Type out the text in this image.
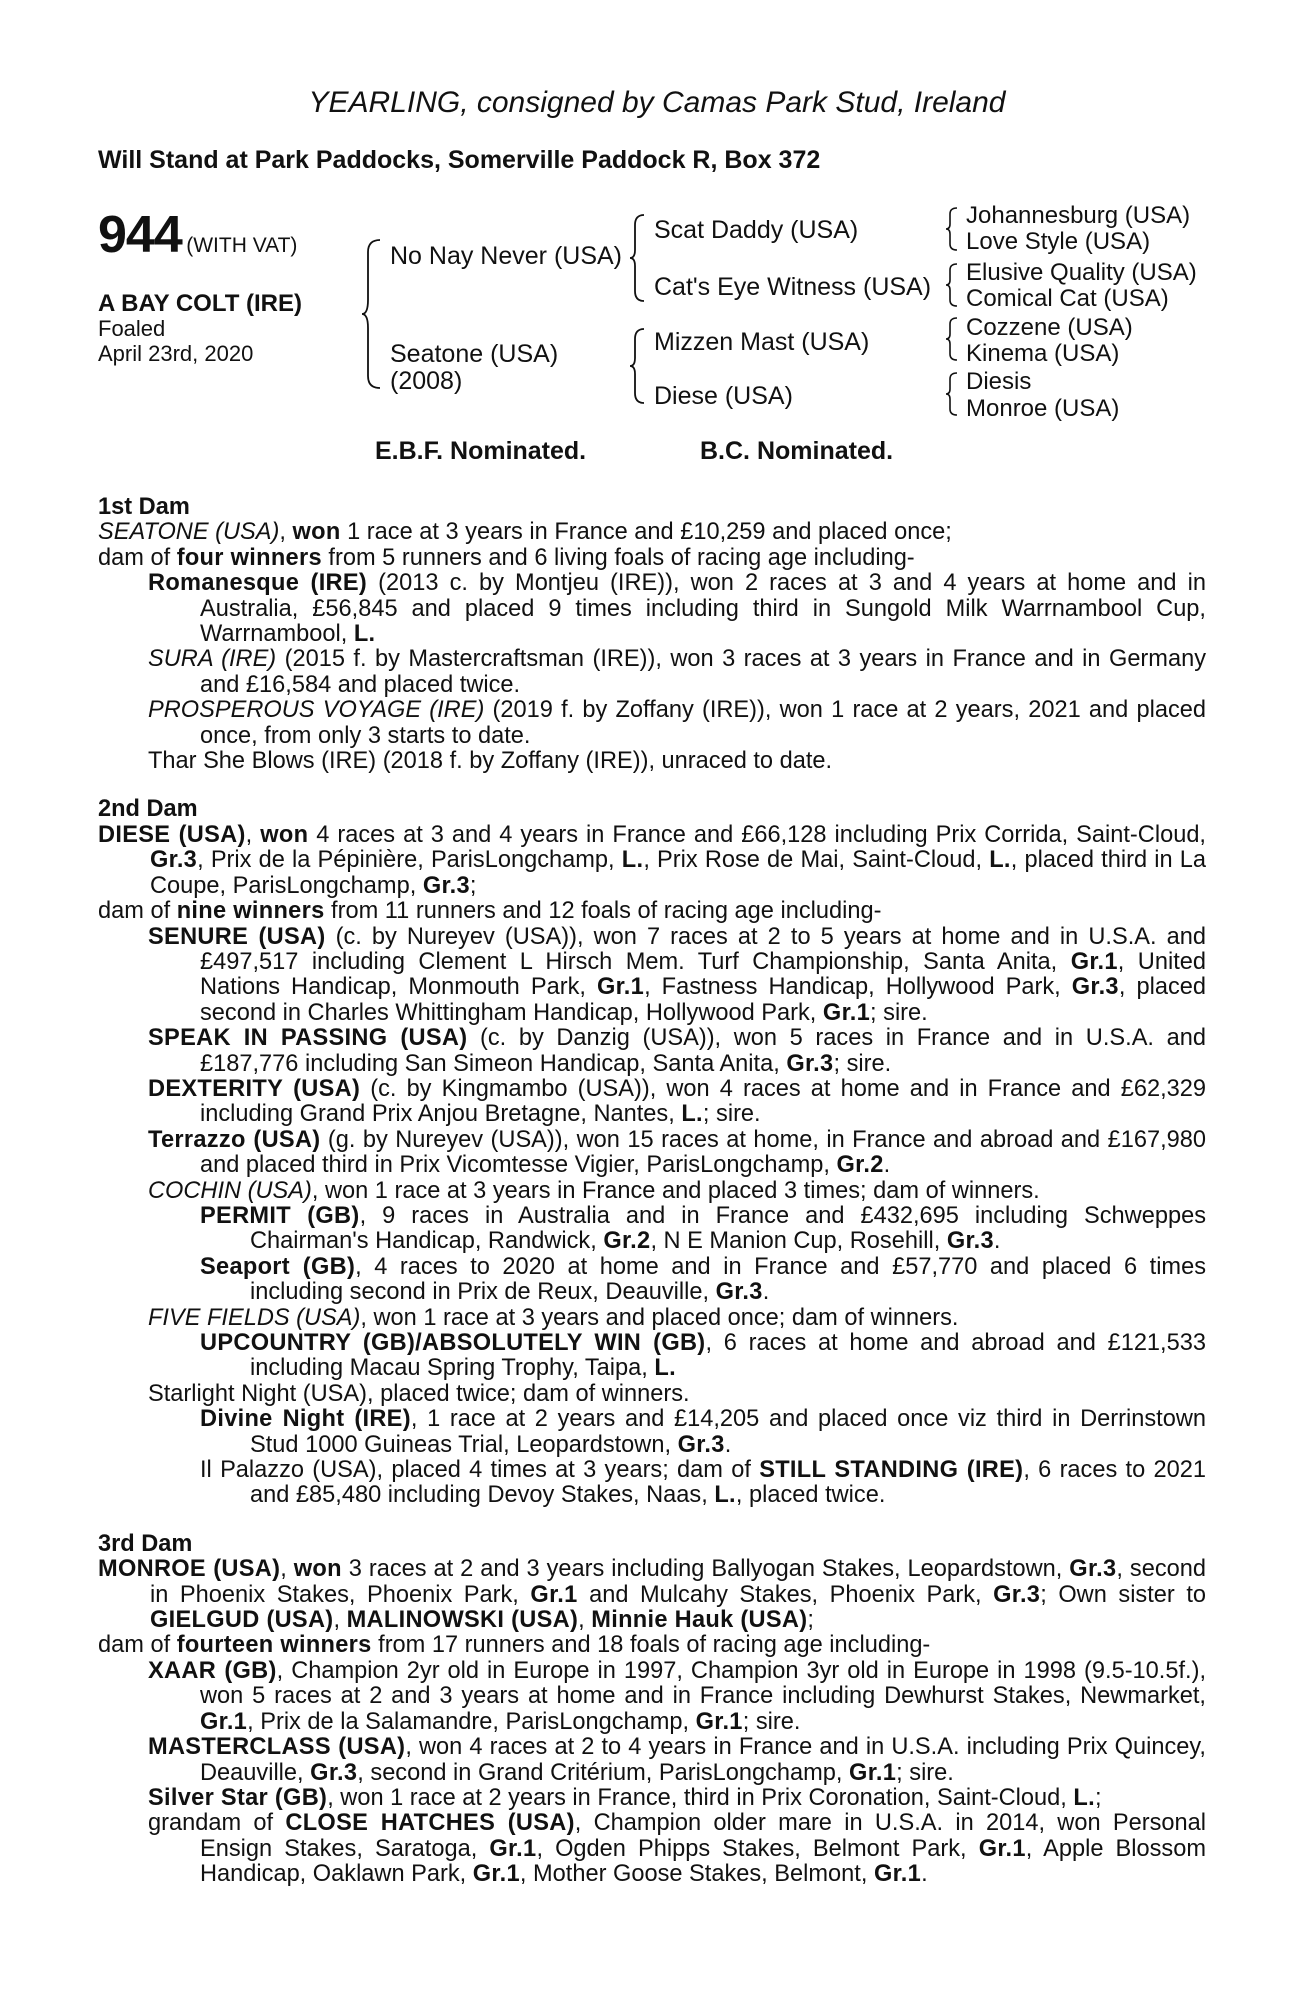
YEARLING, consigned by Camas Park Stud, Ireland
Will Stand at Park Paddocks, Somerville Paddock R, Box 372
944 (WITH VAT)
A BAY COLT (IRE)
Foaled
April 23rd, 2020
No Nay Never (USA)
Seatone (USA)
(2008)
Scat Daddy (USA)
Cat's Eye Witness (USA)
Mizzen Mast (USA)
Diese (USA)
Johannesburg (USA)
Love Style (USA)
Elusive Quality (USA)
Comical Cat (USA)
Cozzene (USA)
Kinema (USA)
Diesis
Monroe (USA)
E.B.F. Nominated.	B.C. Nominated.

1st Dam

SEATONE (USA), won 1 race at 3 years in France and £10,259 and placed once;

dam of four winners from 5 runners and 6 living foals of racing age including-

Romanesque (IRE) (2013 c. by Montjeu (IRE)), won 2 races at 3 and 4 years at home and in Australia, £56,845 and placed 9 times including third in Sungold Milk Warrnambool Cup, Warrnambool, L.

SURA (IRE) (2015 f. by Mastercraftsman (IRE)), won 3 races at 3 years in France and in Germany and £16,584 and placed twice.

PROSPEROUS VOYAGE (IRE) (2019 f. by Zoffany (IRE)), won 1 race at 2 years, 2021 and placed once, from only 3 starts to date.

Thar She Blows (IRE) (2018 f. by Zoffany (IRE)), unraced to date.

2nd Dam

DIESE (USA), won 4 races at 3 and 4 years in France and £66,128 including Prix Corrida, Saint-Cloud, Gr.3, Prix de la Pépinière, ParisLongchamp, L., Prix Rose de Mai, Saint-Cloud, L., placed third in La Coupe, ParisLongchamp, Gr.3;

dam of nine winners from 11 runners and 12 foals of racing age including-

SENURE (USA) (c. by Nureyev (USA)), won 7 races at 2 to 5 years at home and in U.S.A. and £497,517 including Clement L Hirsch Mem. Turf Championship, Santa Anita, Gr.1, United Nations Handicap, Monmouth Park, Gr.1, Fastness Handicap, Hollywood Park, Gr.3, placed second in Charles Whittingham Handicap, Hollywood Park, Gr.1; sire.

SPEAK IN PASSING (USA) (c. by Danzig (USA)), won 5 races in France and in U.S.A. and £187,776 including San Simeon Handicap, Santa Anita, Gr.3; sire.

DEXTERITY (USA) (c. by Kingmambo (USA)), won 4 races at home and in France and £62,329 including Grand Prix Anjou Bretagne, Nantes, L.; sire.

Terrazzo (USA) (g. by Nureyev (USA)), won 15 races at home, in France and abroad and £167,980 and placed third in Prix Vicomtesse Vigier, ParisLongchamp, Gr.2.

COCHIN (USA), won 1 race at 3 years in France and placed 3 times; dam of winners.

PERMIT (GB), 9 races in Australia and in France and £432,695 including Schweppes Chairman's Handicap, Randwick, Gr.2, N E Manion Cup, Rosehill, Gr.3.

Seaport (GB), 4 races to 2020 at home and in France and £57,770 and placed 6 times including second in Prix de Reux, Deauville, Gr.3.

FIVE FIELDS (USA), won 1 race at 3 years and placed once; dam of winners.

UPCOUNTRY (GB)/ABSOLUTELY WIN (GB), 6 races at home and abroad and £121,533 including Macau Spring Trophy, Taipa, L.

Starlight Night (USA), placed twice; dam of winners.

Divine Night (IRE), 1 race at 2 years and £14,205 and placed once viz third in Derrinstown Stud 1000 Guineas Trial, Leopardstown, Gr.3.

Il Palazzo (USA), placed 4 times at 3 years; dam of STILL STANDING (IRE), 6 races to 2021 and £85,480 including Devoy Stakes, Naas, L., placed twice.

3rd Dam

MONROE (USA), won 3 races at 2 and 3 years including Ballyogan Stakes, Leopardstown, Gr.3, second in Phoenix Stakes, Phoenix Park, Gr.1 and Mulcahy Stakes, Phoenix Park, Gr.3; Own sister to GIELGUD (USA), MALINOWSKI (USA), Minnie Hauk (USA);

dam of fourteen winners from 17 runners and 18 foals of racing age including-

XAAR (GB), Champion 2yr old in Europe in 1997, Champion 3yr old in Europe in 1998 (9.5-10.5f.), won 5 races at 2 and 3 years at home and in France including Dewhurst Stakes, Newmarket, Gr.1, Prix de la Salamandre, ParisLongchamp, Gr.1; sire.

MASTERCLASS (USA), won 4 races at 2 to 4 years in France and in U.S.A. including Prix Quincey, Deauville, Gr.3, second in Grand Critérium, ParisLongchamp, Gr.1; sire.

Silver Star (GB), won 1 race at 2 years in France, third in Prix Coronation, Saint-Cloud, L.;

grandam of CLOSE HATCHES (USA), Champion older mare in U.S.A. in 2014, won Personal Ensign Stakes, Saratoga, Gr.1, Ogden Phipps Stakes, Belmont Park, Gr.1, Apple Blossom Handicap, Oaklawn Park, Gr.1, Mother Goose Stakes, Belmont, Gr.1.
